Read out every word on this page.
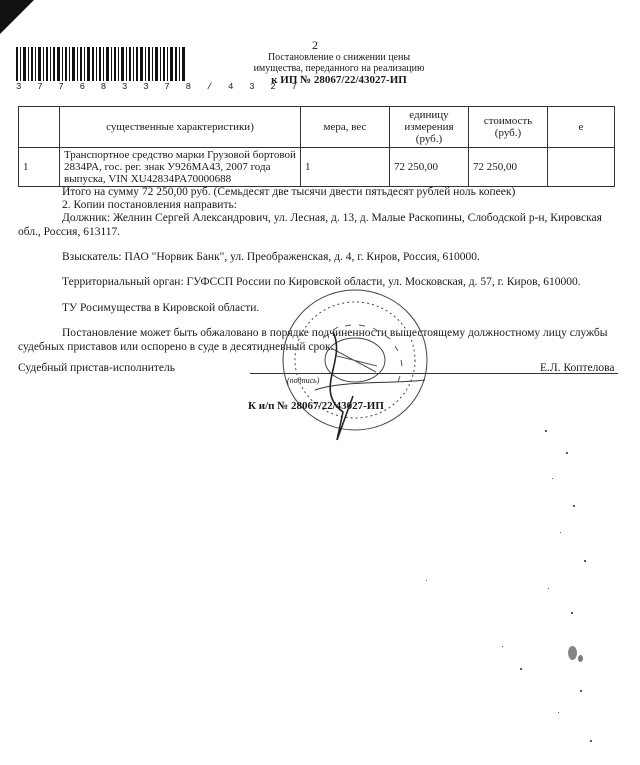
3 7 7 6 8 3 3 7 8 / 4 3 2 7
2
Постановление о снижении цены
имущества, переданного на реализацию
к ИП № 28067/22/43027-ИП
	существенные характеристики)	мера, вес	единицу измерения (руб.)	стоимость (руб.)	е
1	Транспортное средство марки Грузовой бортовой 2834PA, гос. рег. знак У926МА43, 2007 года выпуска, VIN XU42834PA70000688	1	72 250,00	72 250,00	
Итого на сумму 72 250,00 руб. (Семьдесят две тысячи двести пятьдесят рублей ноль копеек)
2. Копии постановления направить:
Должник: Желнин Сергей Александрович, ул. Лесная, д. 13, д. Малые Раскопины, Слободской р-н, Кировская
обл., Россия, 613117.
Взыскатель: ПАО "Норвик Банк", ул. Преображенская, д. 4, г. Киров, Россия, 610000.
Территориальный орган: ГУФССП России по Кировской области, ул. Московская, д. 57, г. Киров, 610000.
ТУ Росимущества в Кировской области.
Постановление может быть обжаловано в порядке подчиненности вышестоящему должностному лицу службы
судебных приставов или оспорено в суде в десятидневный срок.
Судебный пристав-исполнитель
(подпись)
Е.Л. Коптелова
К и/п № 28067/22/43027-ИП
